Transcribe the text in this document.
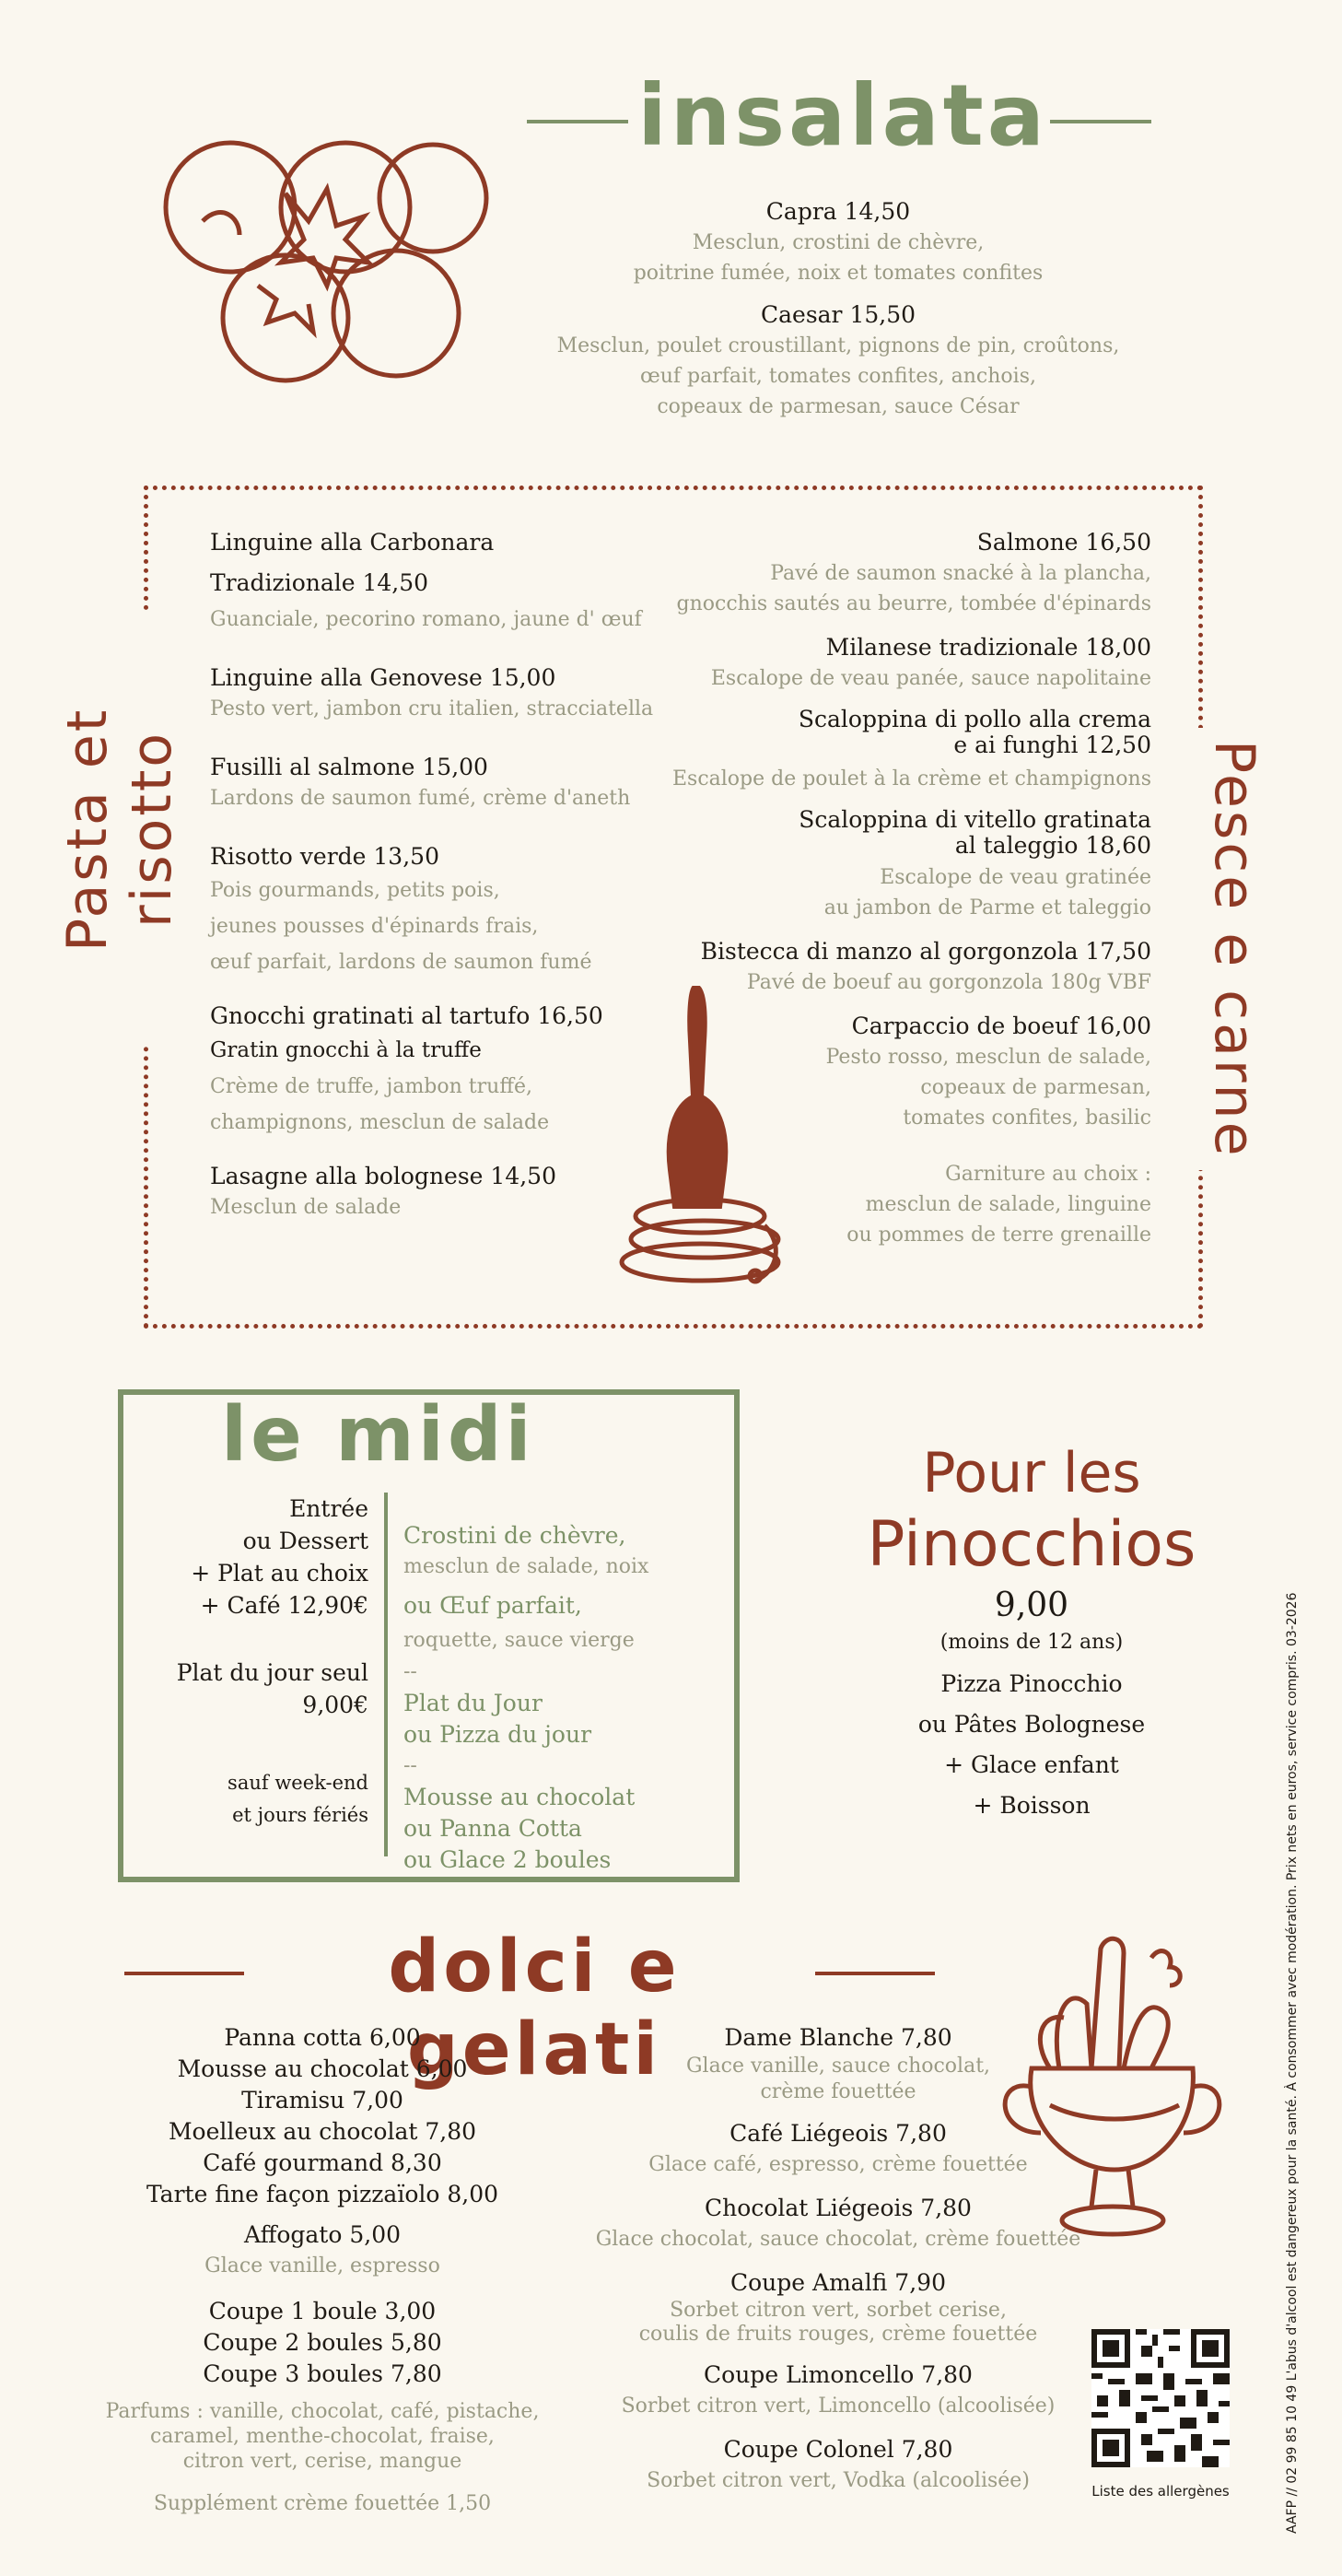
insalata
Capra 14,50
Mesclun, crostini de chèvre,
poitrine fumée, noix et tomates confites
Caesar 15,50
Mesclun, poulet croustillant, pignons de pin, croûtons,
œuf parfait, tomates confites, anchois,
copeaux de parmesan, sauce César
Pasta et risotto	Pesce e carne
Linguine alla Carbonara
Tradizionale 14,50
Guanciale, pecorino romano, jaune d' œuf
Linguine alla Genovese 15,00
Pesto vert, jambon cru italien, stracciatella
Fusilli al salmone 15,00
Lardons de saumon fumé, crème d'aneth
Risotto verde 13,50
Pois gourmands, petits pois,
jeunes pousses d'épinards frais,
œuf parfait, lardons de saumon fumé
Gnocchi gratinati al tartufo 16,50
Gratin gnocchi à la truffe
Crème de truffe, jambon truffé,
champignons, mesclun de salade
Lasagne alla bolognese 14,50
Mesclun de salade
Salmone 16,50
Pavé de saumon snacké à la plancha,
gnocchis sautés au beurre, tombée d'épinards
Milanese tradizionale 18,00
Escalope de veau panée, sauce napolitaine
Scaloppina di pollo alla crema
e ai funghi 12,50
Escalope de poulet à la crème et champignons
Scaloppina di vitello gratinata
al taleggio 18,60
Escalope de veau gratinée
au jambon de Parme et taleggio
Bistecca di manzo al gorgonzola 17,50
Pavé de boeuf au gorgonzola 180g VBF
Carpaccio de boeuf 16,00
Pesto rosso, mesclun de salade,
copeaux de parmesan,
tomates confites, basilic
Garniture au choix :
mesclun de salade, linguine
ou pommes de terre grenaille
le midi
Entrée
ou Dessert
+ Plat au choix
+ Café 12,90€
Plat du jour seul
9,00€
sauf week-end
et jours fériés
Crostini de chèvre,
mesclun de salade, noix
ou Œuf parfait,
roquette, sauce vierge
--
Plat du Jour
ou Pizza du jour
--
Mousse au chocolat
ou Panna Cotta
ou Glace 2 boules
Pour les
Pinocchios
9,00
(moins de 12 ans)
Pizza Pinocchio
ou Pâtes Bolognese
+ Glace enfant
+ Boisson
dolci e gelati
Panna cotta 6,00
Mousse au chocolat 6,00
Tiramisu 7,00
Moelleux au chocolat 7,80
Café gourmand 8,30
Tarte fine façon pizzaïolo 8,00
Affogato 5,00
Glace vanille, espresso
Coupe 1 boule 3,00
Coupe 2 boules 5,80
Coupe 3 boules 7,80
Parfums : vanille, chocolat, café, pistache,
caramel, menthe-chocolat, fraise,
citron vert, cerise, mangue
Supplément crème fouettée 1,50
Dame Blanche 7,80
Glace vanille, sauce chocolat,
crème fouettée
Café Liégeois 7,80
Glace café, espresso, crème fouettée
Chocolat Liégeois 7,80
Glace chocolat, sauce chocolat, crème fouettée
Coupe Amalfi 7,90
Sorbet citron vert, sorbet cerise,
coulis de fruits rouges, crème fouettée
Coupe Limoncello 7,80
Sorbet citron vert, Limoncello (alcoolisée)
Coupe Colonel 7,80
Sorbet citron vert, Vodka (alcoolisée)	AAFP // 02 99 85 10 49 L'abus d'alcool est dangereux pour la santé. À consommer avec modération. Prix nets en euros, service compris. 03-2026
Liste des allergènes
